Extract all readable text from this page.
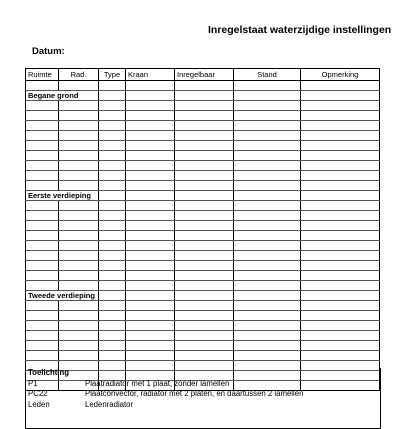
Inregelstaat waterzijdige instellingen
Datum:
Ruimte	Rad.	Type	Kraan	Inregelbaar	Stand	Opmerking

Begane grond						

Eerste verdieping						

Tweede verdieping						

Toelichting
P1	Plaatradiator met 1 plaat, zonder lamellen
PC22	Plaatconvector, radiator met 2 platen, en daartussen 2 lamellen
Leden	Ledenradiator
